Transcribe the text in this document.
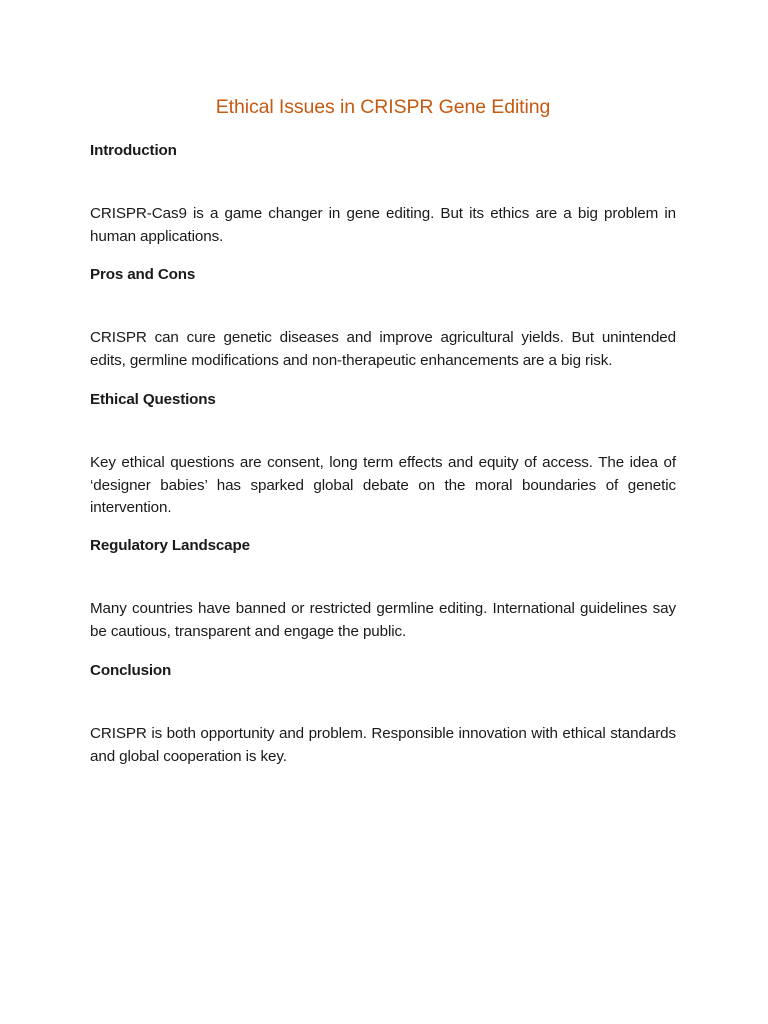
Ethical Issues in CRISPR Gene Editing
Introduction

CRISPR-Cas9 is a game changer in gene editing. But its ethics are a big problem in human applications.

Pros and Cons

CRISPR can cure genetic diseases and improve agricultural yields. But unintended edits, germline modifications and non-therapeutic enhancements are a big risk.

Ethical Questions

Key ethical questions are consent, long term effects and equity of access. The idea of ‘designer babies’ has sparked global debate on the moral boundaries of genetic intervention.

Regulatory Landscape

Many countries have banned or restricted germline editing. International guidelines say be cautious, transparent and engage the public.

Conclusion

CRISPR is both opportunity and problem. Responsible innovation with ethical standards and global cooperation is key.
